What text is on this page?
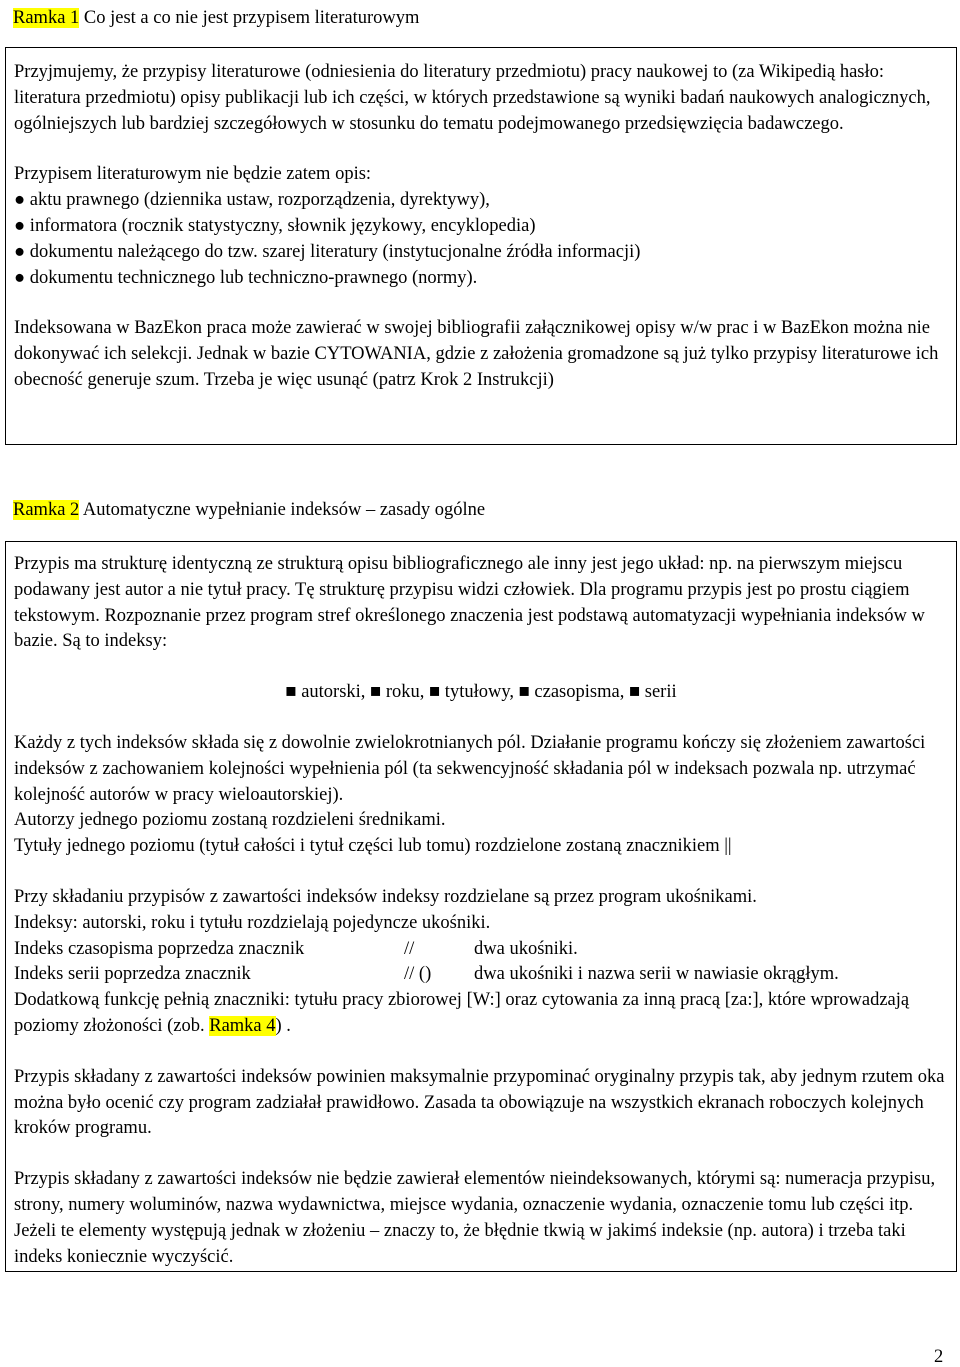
Ramka 1 Co jest a co nie jest przypisem literaturowym

Przyjmujemy, że przypisy literaturowe (odniesienia do literatury przedmiotu) pracy naukowej to (za Wikipedią hasło: literatura przedmiotu) opisy publikacji lub ich części, w których przedstawione są wyniki badań naukowych analogicznych, ogólniejszych lub bardziej szczegółowych w stosunku do tematu podejmowanego przedsięwzięcia badawczego.

Przypisem literaturowym nie będzie zatem opis:

● aktu prawnego (dziennika ustaw, rozporządzenia, dyrektywy),
● informatora (rocznik statystyczny, słownik językowy, encyklopedia)
● dokumentu należącego do tzw. szarej literatury (instytucjonalne źródła informacji)
● dokumentu technicznego lub techniczno-prawnego (normy).

Indeksowana w BazEkon praca może zawierać w swojej bibliografii załącznikowej opisy w/w prac i w BazEkon można nie dokonywać ich selekcji. Jednak w bazie CYTOWANIA, gdzie z założenia gromadzone są już tylko przypisy literaturowe ich obecność generuje szum. Trzeba je więc usunąć (patrz Krok 2 Instrukcji)

Ramka 2 Automatyczne wypełnianie indeksów – zasady ogólne

Przypis ma strukturę identyczną ze strukturą opisu bibliograficznego ale inny jest jego układ: np. na pierwszym miejscu podawany jest autor a nie tytuł pracy. Tę strukturę przypisu widzi człowiek. Dla programu przypis jest po prostu ciągiem tekstowym. Rozpoznanie przez program stref określonego znaczenia jest podstawą automatyzacji wypełniania indeksów w bazie. Są to indeksy:

■ autorski, ■ roku, ■ tytułowy, ■ czasopisma, ■ serii

Każdy z tych indeksów składa się z dowolnie zwielokrotnianych pól. Działanie programu kończy się złożeniem zawartości indeksów z zachowaniem kolejności wypełnienia pól (ta sekwencyjność składania pól w indeksach pozwala np. utrzymać kolejność autorów w pracy wieloautorskiej).

Autorzy jednego poziomu zostaną rozdzieleni średnikami.

Tytuły jednego poziomu (tytuł całości i tytuł części lub tomu) rozdzielone zostaną znacznikiem ||

Przy składaniu przypisów z zawartości indeksów indeksy rozdzielane są przez program ukośnikami.

Indeksy: autorski, roku i tytułu rozdzielają pojedyncze ukośniki.

Indeks czasopisma poprzedza znacznik	//	dwa ukośniki.
Indeks serii poprzedza znacznik	// ()	dwa ukośniki i nazwa serii w nawiasie okrągłym.

Dodatkową funkcję pełnią znaczniki: tytułu pracy zbiorowej [W:] oraz cytowania za inną pracą [za:], które wprowadzają poziomy złożoności (zob. Ramka 4) .

Przypis składany z zawartości indeksów powinien maksymalnie przypominać oryginalny przypis tak, aby jednym rzutem oka można było ocenić czy program zadziałał prawidłowo. Zasada ta obowiązuje na wszystkich ekranach roboczych kolejnych kroków programu.

Przypis składany z zawartości indeksów nie będzie zawierał elementów nieindeksowanych, którymi są: numeracja przypisu, strony, numery woluminów, nazwa wydawnictwa, miejsce wydania, oznaczenie wydania, oznaczenie tomu lub części itp. Jeżeli te elementy występują jednak w złożeniu – znaczy to, że błędnie tkwią w jakimś indeksie (np. autora) i trzeba taki indeks koniecznie wyczyścić.

2
